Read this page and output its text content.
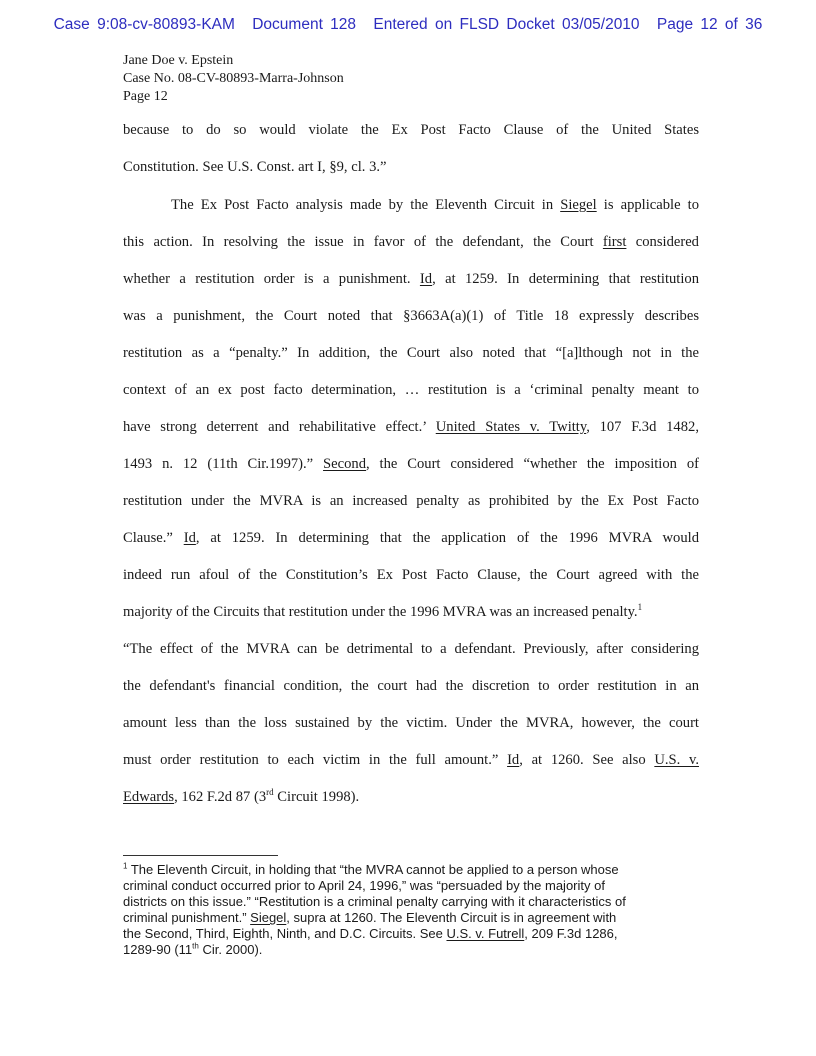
Case 9:08-cv-80893-KAM Document 128 Entered on FLSD Docket 03/05/2010 Page 12 of 36
Jane Doe v. Epstein
Case No. 08-CV-80893-Marra-Johnson
Page 12
because to do so would violate the Ex Post Facto Clause of the United States
Constitution. See U.S. Const. art I, §9, cl. 3.”
The Ex Post Facto analysis made by the Eleventh Circuit in Siegel is applicable to
this action. In resolving the issue in favor of the defendant, the Court first considered
whether a restitution order is a punishment. Id, at 1259. In determining that restitution
was a punishment, the Court noted that §3663A(a)(1) of Title 18 expressly describes
restitution as a “penalty.” In addition, the Court also noted that “[a]lthough not in the
context of an ex post facto determination, … restitution is a ‘criminal penalty meant to
have strong deterrent and rehabilitative effect.’ United States v. Twitty, 107 F.3d 1482,
1493 n. 12 (11th Cir.1997).” Second, the Court considered “whether the imposition of
restitution under the MVRA is an increased penalty as prohibited by the Ex Post Facto
Clause.” Id, at 1259. In determining that the application of the 1996 MVRA would
indeed run afoul of the Constitution’s Ex Post Facto Clause, the Court agreed with the
majority of the Circuits that restitution under the 1996 MVRA was an increased penalty.$^1$
“The effect of the MVRA can be detrimental to a defendant. Previously, after considering
the defendant's financial condition, the court had the discretion to order restitution in an
amount less than the loss sustained by the victim. Under the MVRA, however, the court
must order restitution to each victim in the full amount.” Id, at 1260. See also U.S. v.
Edwards, 162 F.2d 87 (3rd Circuit 1998).
$^1$ The Eleventh Circuit, in holding that “the MVRA cannot be applied to a person whose
criminal conduct occurred prior to April 24, 1996,” was “persuaded by the majority of
districts on this issue.” “Restitution is a criminal penalty carrying with it characteristics of
criminal punishment.” Siegel, supra at 1260. The Eleventh Circuit is in agreement with
the Second, Third, Eighth, Ninth, and D.C. Circuits. See U.S. v. Futrell, 209 F.3d 1286,
1289-90 (11th Cir. 2000).
